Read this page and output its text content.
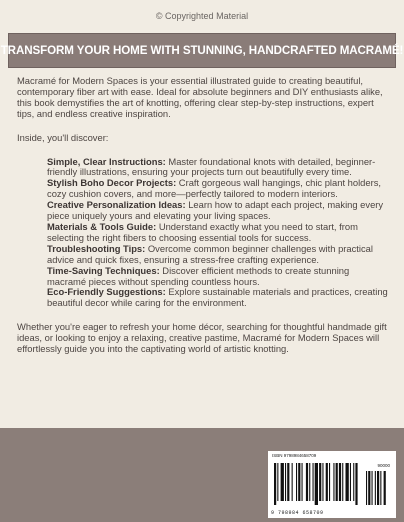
© Copyrighted Material
TRANSFORM YOUR HOME WITH STUNNING, HANDCRAFTED MACRAMÉ!

Macramé for Modern Spaces is your essential illustrated guide to creating beautiful, contemporary fiber art with ease. Ideal for absolute beginners and DIY enthusiasts alike, this book demystifies the art of knotting, offering clear step-by-step instructions, expert tips, and endless creative inspiration.

Inside, you'll discover:

Simple, Clear Instructions: Master foundational knots with detailed, beginner-friendly illustrations, ensuring your projects turn out beautifully every time.

Stylish Boho Decor Projects: Craft gorgeous wall hangings, chic plant holders, cozy cushion covers, and more—perfectly tailored to modern interiors.

Creative Personalization Ideas: Learn how to adapt each project, making every piece uniquely yours and elevating your living spaces.

Materials & Tools Guide: Understand exactly what you need to start, from selecting the right fibers to choosing essential tools for success.

Troubleshooting Tips: Overcome common beginner challenges with practical advice and quick fixes, ensuring a stress-free crafting experience.

Time-Saving Techniques: Discover efficient methods to create stunning macramé pieces without spending countless hours.

Eco-Friendly Suggestions: Explore sustainable materials and practices, creating beautiful decor while caring for the environment.

Whether you're eager to refresh your home décor, searching for thoughtful handmade gift ideas, or looking to enjoy a relaxing, creative pastime, Macramé for Modern Spaces will effortlessly guide you into the captivating world of artistic knotting.

ISBN 9798984658709
90000
9 798984 658709
